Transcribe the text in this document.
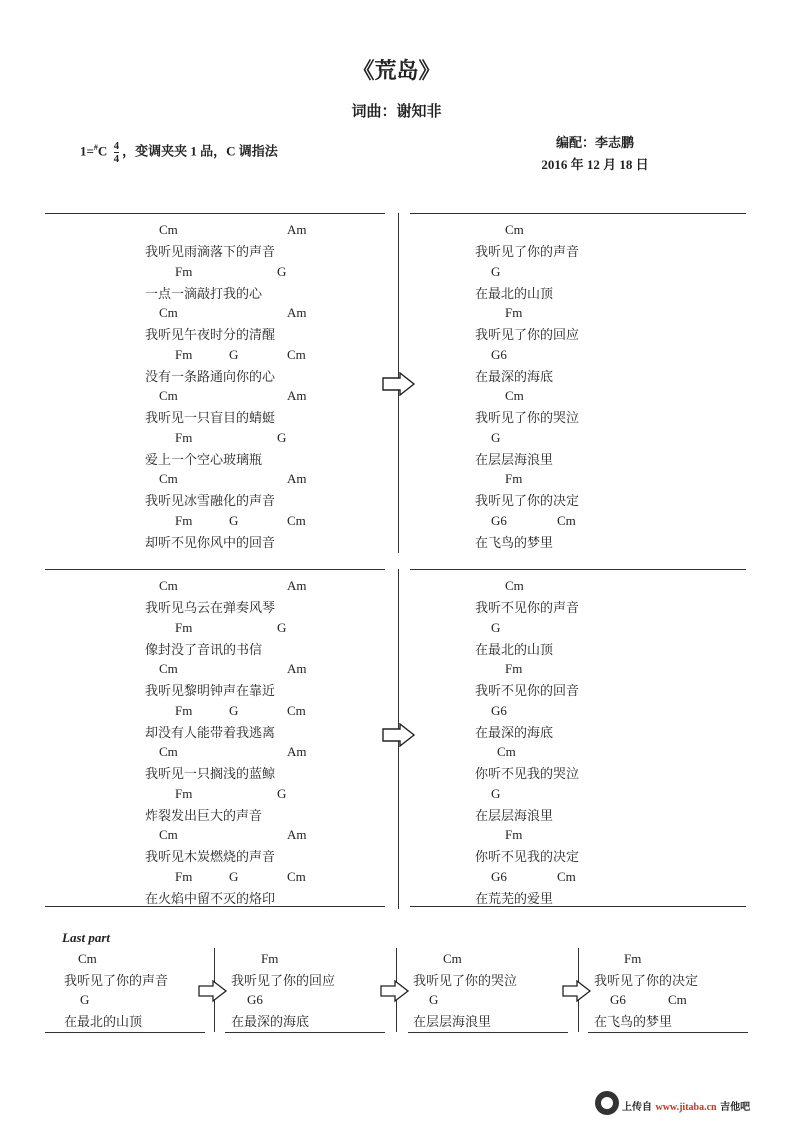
《荒岛》
词曲：谢知非
$1=^{\#}C \frac{4}{4}$ ，变调夹夹 1 品，C 调指法	编配：李志鹏
2016 年 12 月 18 日
Cm	Am
我听见雨滴落下的声音
Fm	G
一点一滴敲打我的心
Cm	Am
我听见午夜时分的清醒
Fm	G	Cm
没有一条路通向你的心
Cm	Am
我听见一只盲目的蜻蜓
Fm	G
爱上一个空心玻璃瓶
Cm	Am
我听见冰雪融化的声音
Fm	G	Cm
却听不见你风中的回音
Cm
我听见了你的声音
G
在最北的山顶
Fm
我听见了你的回应
G6
在最深的海底
Cm
我听见了你的哭泣
G
在层层海浪里
Fm
我听见了你的决定
G6	Cm
在飞鸟的梦里
Cm	Am
我听见乌云在弹奏风琴
Fm	G
像封没了音讯的书信
Cm	Am
我听见黎明钟声在靠近
Fm	G	Cm
却没有人能带着我逃离
Cm	Am
我听见一只搁浅的蓝鲸
Fm	G
炸裂发出巨大的声音
Cm	Am
我听见木炭燃烧的声音
Fm	G	Cm
在火焰中留不灭的烙印
Cm
我听不见你的声音
G
在最北的山顶
Fm
我听不见你的回音
G6
在最深的海底
Cm
你听不见我的哭泣
G
在层层海浪里
Fm
你听不见我的决定
G6	Cm
在荒芜的爱里
Last part
Cm
我听见了你的声音
G
在最北的山顶
Fm
我听见了你的回应
G6
在最深的海底
Cm
我听见了你的哭泣
G
在层层海浪里
Fm
我听见了你的决定
G6	Cm
在飞鸟的梦里
上传自 www.jitaba.cn 吉他吧
